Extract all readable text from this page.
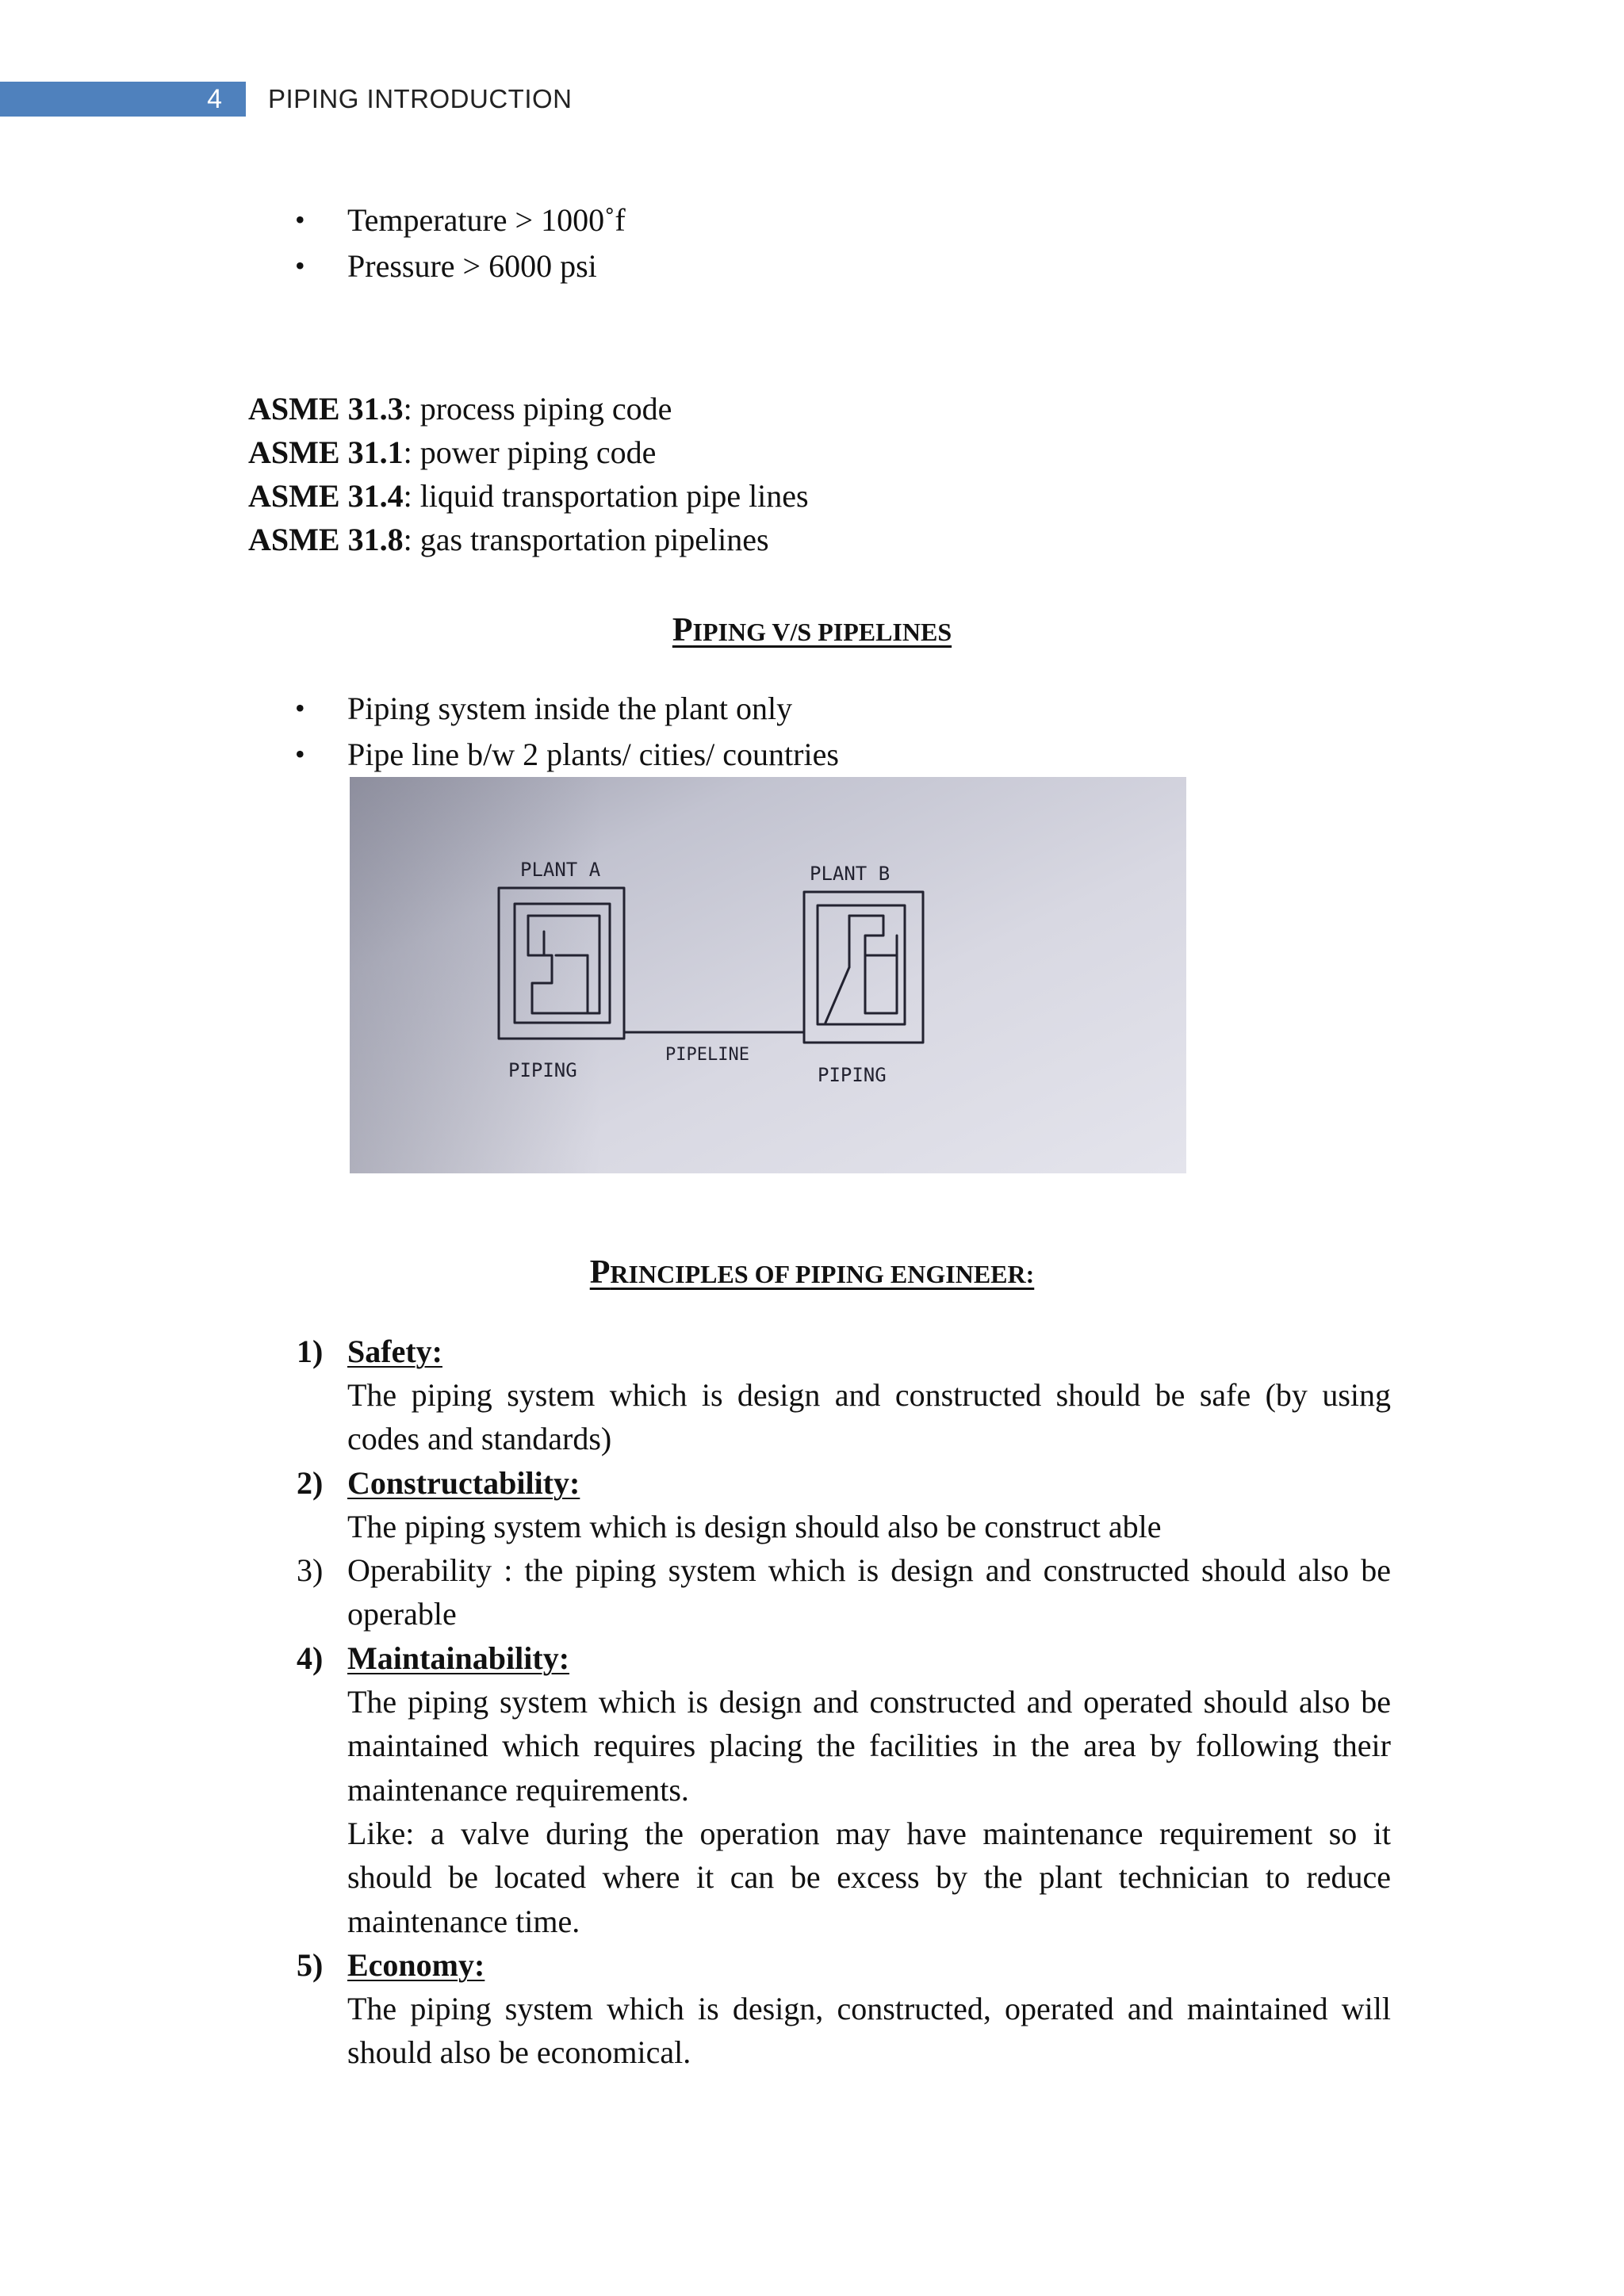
4 PIPING INTRODUCTION
• Temperature > 1000˚f
• Pressure > 6000 psi
ASME 31.3: process piping code
ASME 31.1: power piping code
ASME 31.4: liquid transportation pipe lines
ASME 31.8: gas transportation pipelines
PIPING V/S PIPELINES
• Piping system inside the plant only
• Pipe line b/w 2 plants/ cities/ countries
PLANT A	PLANT B
PIPELINE
PIPING	PIPING
PRINCIPLES OF PIPING ENGINEER:
1) Safety:
The piping system which is design and constructed should be safe (by using codes and standards)
2) Constructability:
The piping system which is design should also be construct able
3) Operability : the piping system which is design and constructed should also be operable
4) Maintainability:
The piping system which is design and constructed and operated should also be maintained which requires placing the facilities in the area by following their maintenance requirements.
Like: a valve during the operation may have maintenance requirement so it should be located where it can be excess by the plant technician to reduce maintenance time.
5) Economy:
The piping system which is design, constructed, operated and maintained will should also be economical.
